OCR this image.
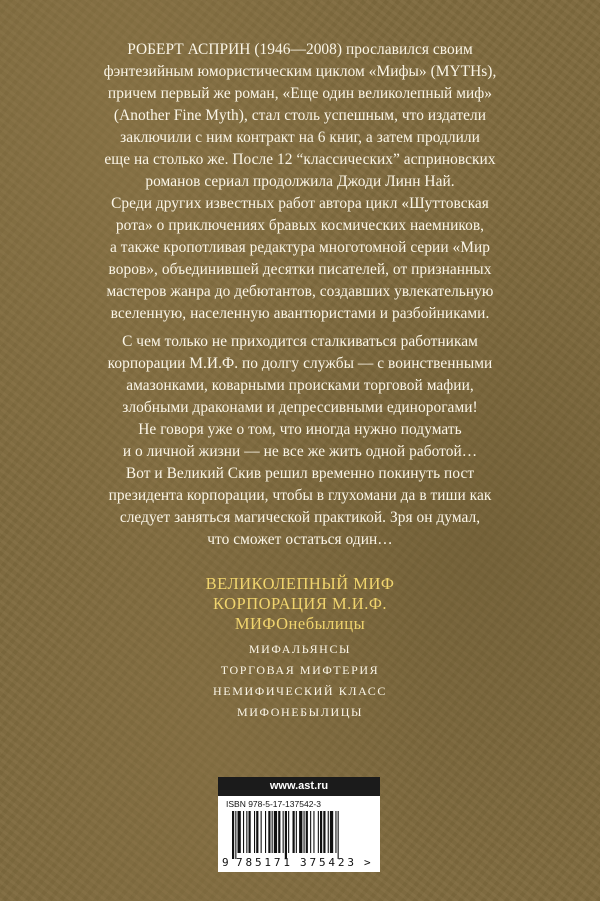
РОБЕРТ АСПРИН (1946—2008) прославился своим
фэнтезийным юмористическим циклом «Мифы» (MYTHs),
причем первый же роман, «Еще один великолепный миф»
(Another Fine Myth), стал столь успешным, что издатели
заключили с ним контракт на 6 книг, а затем продлили
еще на столько же. После 12 “классических” асприновских
романов сериал продолжила Джоди Линн Най.
Среди других известных работ автора цикл «Шуттовская
рота» о приключениях бравых космических наемников,
а также кропотливая редактура многотомной серии «Мир
воров», объединившей десятки писателей, от признанных
мастеров жанра до дебютантов, создавших увлекательную
вселенную, населенную авантюристами и разбойниками.
С чем только не приходится сталкиваться работникам
корпорации М.И.Ф. по долгу службы — с воинственными
амазонками, коварными происками торговой мафии,
злобными драконами и депрессивными единорогами!
Не говоря уже о том, что иногда нужно подумать
и о личной жизни — не все же жить одной работой…
Вот и Великий Скив решил временно покинуть пост
президента корпорации, чтобы в глухомани да в тиши как
следует заняться магической практикой. Зря он думал,
что сможет остаться один…
ВЕЛИКОЛЕПНЫЙ МИФ
КОРПОРАЦИЯ М.И.Ф.
МИФОнебылицы
МИФАЛЬЯНСЫ
ТОРГОВАЯ МИФТЕРИЯ
НЕМИФИЧЕСКИЙ КЛАСС
МИФОНЕБЫЛИЦЫ
www.ast.ru
ISBN 978-5-17-137542-3
9 785171 375423 >
